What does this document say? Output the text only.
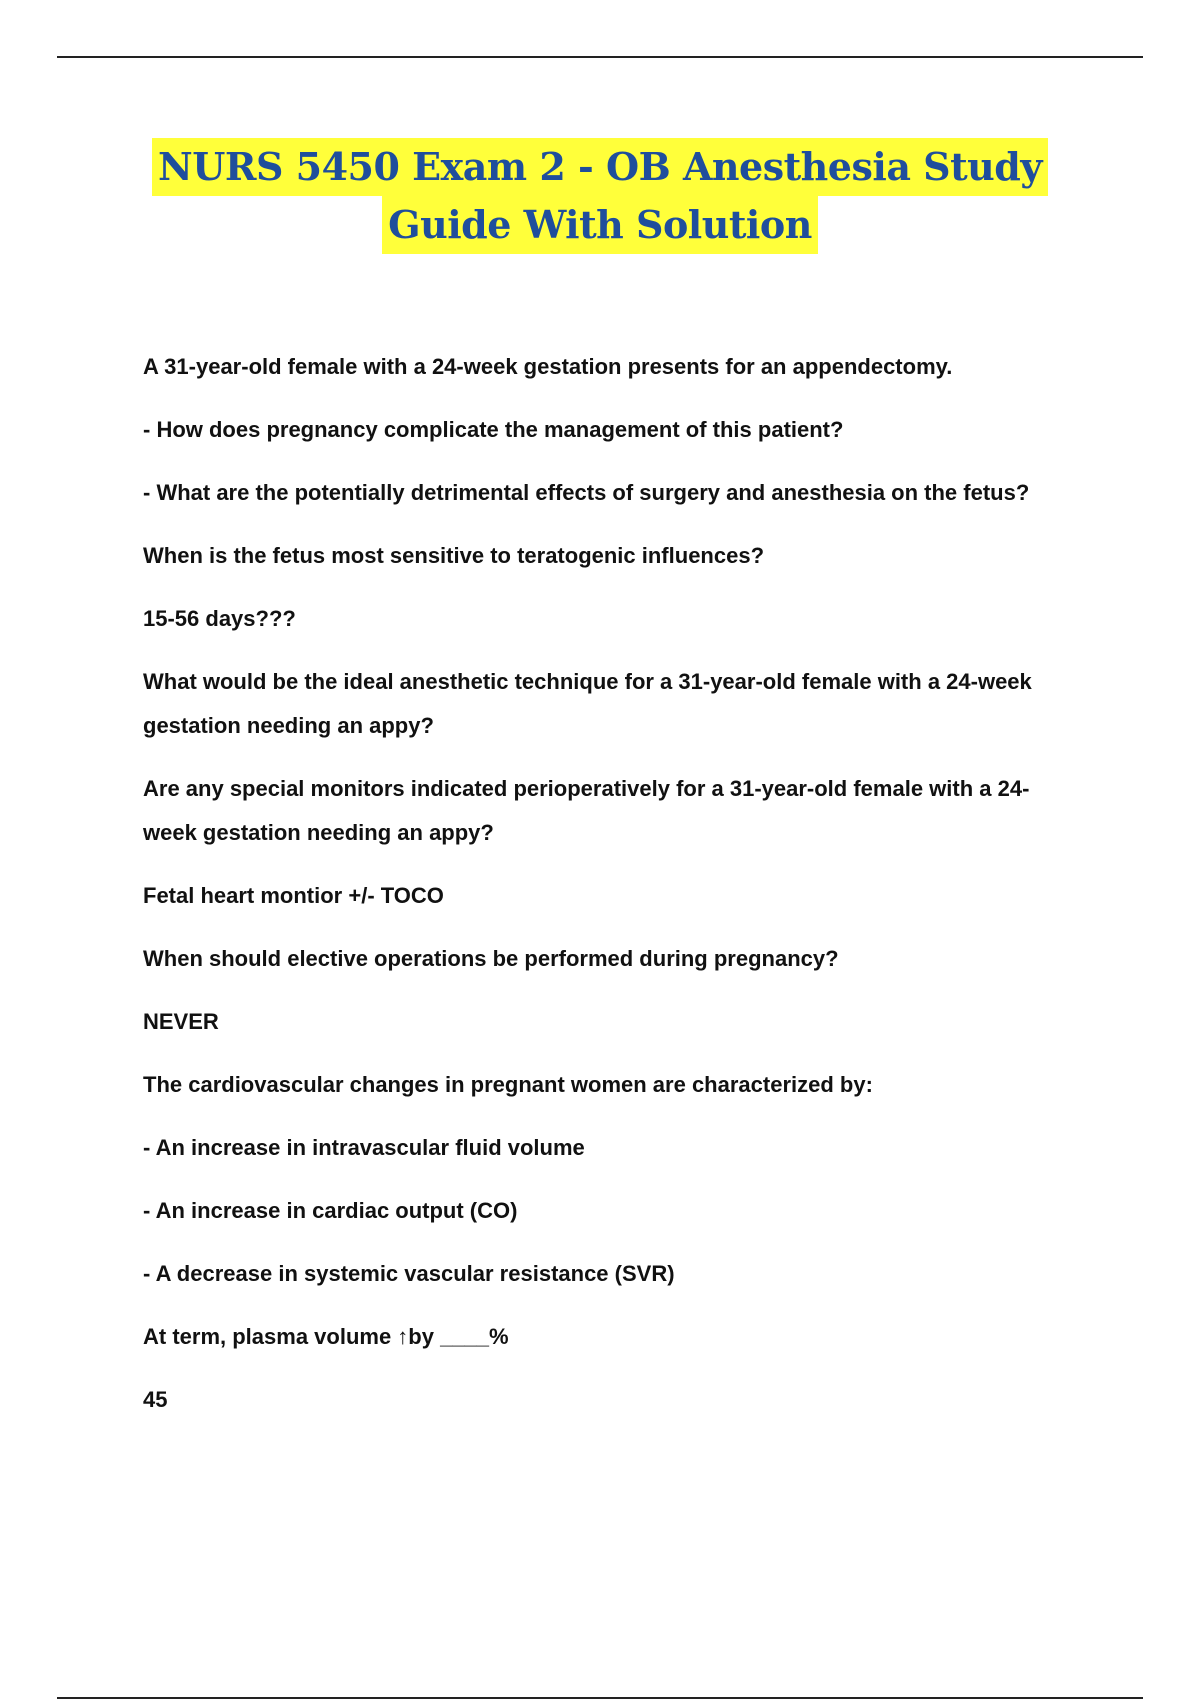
NURS 5450 Exam 2 - OB Anesthesia Study
Guide With Solution

A 31-year-old female with a 24-week gestation presents for an appendectomy.

- How does pregnancy complicate the management of this patient?

- What are the potentially detrimental effects of surgery and anesthesia on the fetus?

When is the fetus most sensitive to teratogenic influences?

15-56 days???

What would be the ideal anesthetic technique for a 31-year-old female with a 24-week gestation needing an appy?

Are any special monitors indicated perioperatively for a 31-year-old female with a 24-week gestation needing an appy?

Fetal heart montior +/- TOCO

When should elective operations be performed during pregnancy?

NEVER

The cardiovascular changes in pregnant women are characterized by:

- An increase in intravascular fluid volume

- An increase in cardiac output (CO)

- A decrease in systemic vascular resistance (SVR)

At term, plasma volume ↑by ____%

45
